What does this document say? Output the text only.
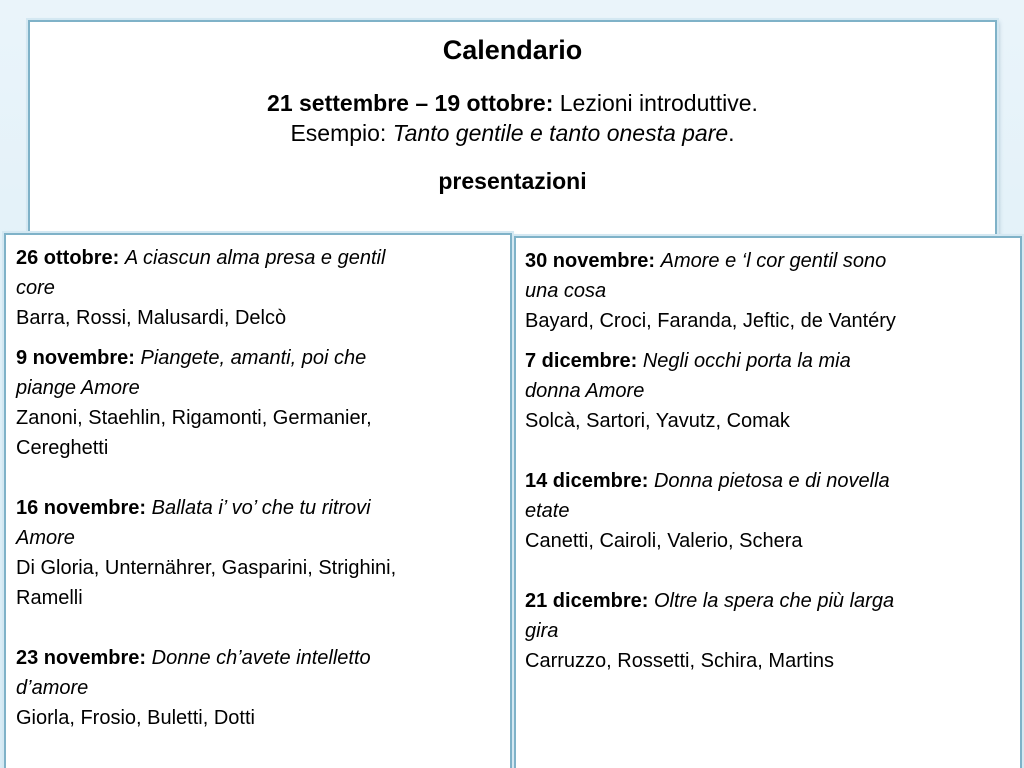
Calendario
21 settembre – 19 ottobre: Lezioni introduttive.
Esempio: Tanto gentile e tanto onesta pare.
presentazioni
26 ottobre: A ciascun alma presa e gentil
core
Barra, Rossi, Malusardi, Delcò
9 novembre: Piangete, amanti, poi che
piange Amore
Zanoni, Staehlin, Rigamonti, Germanier,
Cereghetti
16 novembre: Ballata i’ vo’ che tu ritrovi
Amore
Di Gloria, Unternährer, Gasparini, Strighini,
Ramelli
23 novembre: Donne ch’avete intelletto
d’amore
Giorla, Frosio, Buletti, Dotti
30 novembre: Amore e ‘l cor gentil sono
una cosa
Bayard, Croci, Faranda, Jeftic, de Vantéry
7 dicembre: Negli occhi porta la mia
donna Amore
Solcà, Sartori, Yavutz, Comak
14 dicembre: Donna pietosa e di novella
etate
Canetti, Cairoli, Valerio, Schera
21 dicembre: Oltre la spera che più larga
gira
Carruzzo, Rossetti, Schira, Martins
